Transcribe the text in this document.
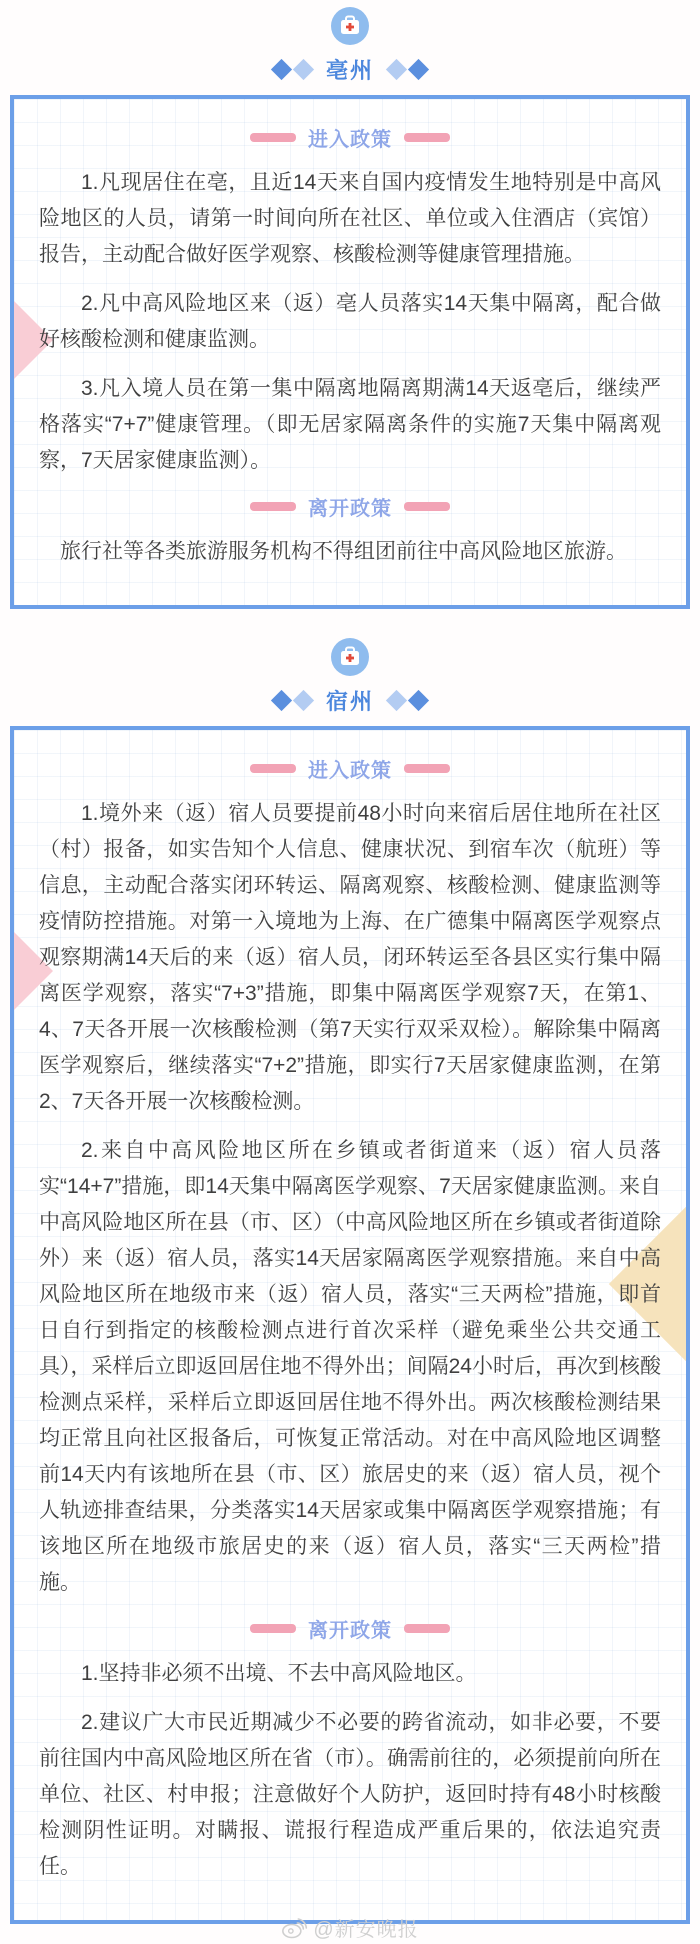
亳州
进入政策

1.凡现居住在亳，且近14天来自国内疫情发生地特别是中高风险地区的人员，请第一时间向所在社区、单位或入住酒店（宾馆）报告，主动配合做好医学观察、核酸检测等健康管理措施。

2.凡中高风险地区来（返）亳人员落实14天集中隔离，配合做好核酸检测和健康监测。

3.凡入境人员在第一集中隔离地隔离期满14天返亳后，继续严格落实“7+7”健康管理。（即无居家隔离条件的实施7天集中隔离观察，7天居家健康监测）。

离开政策

旅行社等各类旅游服务机构不得组团前往中高风险地区旅游。

宿州
进入政策

1.境外来（返）宿人员要提前48小时向来宿后居住地所在社区（村）报备，如实告知个人信息、健康状况、到宿车次（航班）等信息，主动配合落实闭环转运、隔离观察、核酸检测、健康监测等疫情防控措施。对第一入境地为上海、在广德集中隔离医学观察点观察期满14天后的来（返）宿人员，闭环转运至各县区实行集中隔离医学观察，落实“7+3”措施，即集中隔离医学观察7天，在第1、4、7天各开展一次核酸检测（第7天实行双采双检）。解除集中隔离医学观察后，继续落实“7+2”措施，即实行7天居家健康监测，在第2、7天各开展一次核酸检测。

2.来自中高风险地区所在乡镇或者街道来（返）宿人员落实“14+7”措施，即14天集中隔离医学观察、7天居家健康监测。来自中高风险地区所在县（市、区）（中高风险地区所在乡镇或者街道除外）来（返）宿人员，落实14天居家隔离医学观察措施。来自中高风险地区所在地级市来（返）宿人员，落实“三天两检”措施，即首日自行到指定的核酸检测点进行首次采样（避免乘坐公共交通工具），采样后立即返回居住地不得外出；间隔24小时后，再次到核酸检测点采样，采样后立即返回居住地不得外出。两次核酸检测结果均正常且向社区报备后，可恢复正常活动。对在中高风险地区调整前14天内有该地所在县（市、区）旅居史的来（返）宿人员，视个人轨迹排查结果，分类落实14天居家或集中隔离医学观察措施；有该地区所在地级市旅居史的来（返）宿人员，落实“三天两检”措施。

离开政策

1.坚持非必须不出境、不去中高风险地区。

2.建议广大市民近期减少不必要的跨省流动，如非必要，不要前往国内中高风险地区所在省（市）。确需前往的，必须提前向所在单位、社区、村申报；注意做好个人防护，返回时持有48小时核酸检测阴性证明。对瞒报、谎报行程造成严重后果的，依法追究责任。

@新安晚报
